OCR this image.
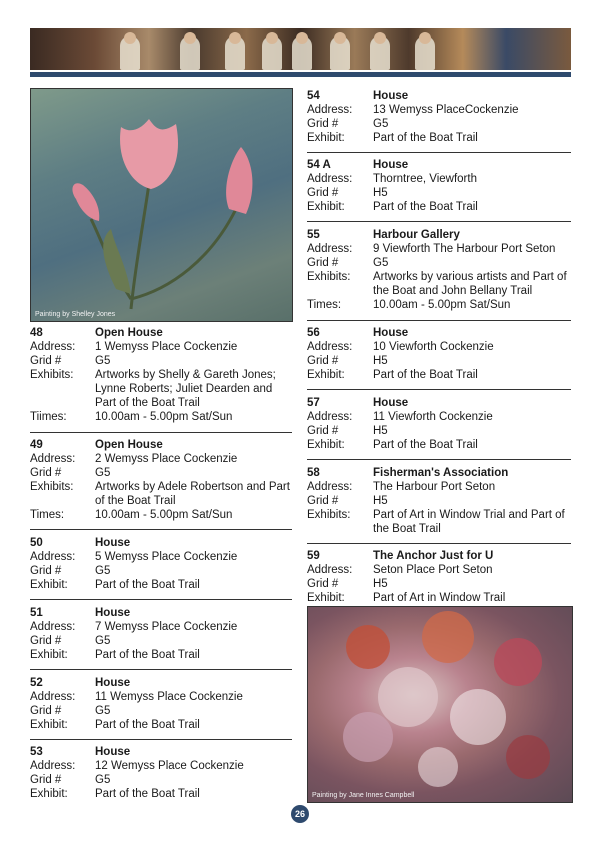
Painting by Shelley Jones
48	Open House
Address:	1 Wemyss Place Cockenzie
Grid #	G5
Exhibits:	Artworks by Shelly & Gareth Jones; Lynne Roberts; Juliet Dearden and Part of the Boat Trail
Tiimes:	10.00am - 5.00pm Sat/Sun
49	Open House
Address:	2 Wemyss Place Cockenzie
Grid #	G5
Exhibits:	Artworks by Adele Robertson and Part of the Boat Trail
Times:	10.00am - 5.00pm Sat/Sun
50	House
Address:	5 Wemyss Place Cockenzie
Grid #	G5
Exhibit:	Part of the Boat Trail
51	House
Address:	7 Wemyss Place Cockenzie
Grid #	G5
Exhibit:	Part of the Boat Trail
52	House
Address:	11 Wemyss Place Cockenzie
Grid #	G5
Exhibit:	Part of the Boat Trail
53	House
Address:	12 Wemyss Place Cockenzie
Grid #	G5
Exhibit:	Part of the Boat Trail
54	House
Address:	13 Wemyss PlaceCockenzie
Grid #	G5
Exhibit:	Part of the Boat Trail
54 A	House
Address:	Thorntree, Viewforth
Grid #	H5
Exhibit:	Part of the Boat Trail
55	Harbour Gallery
Address:	9 Viewforth The Harbour Port Seton
Grid #	G5
Exhibits:	Artworks by various artists and Part of the Boat and John Bellany Trail
Times:	10.00am - 5.00pm Sat/Sun
56	House
Address:	10 Viewforth Cockenzie
Grid #	H5
Exhibit:	Part of the Boat Trail
57	House
Address:	11 Viewforth Cockenzie
Grid #	H5
Exhibit:	Part of the Boat Trail
58	Fisherman's Association
Address:	The Harbour Port Seton
Grid #	H5
Exhibits:	Part of Art in Window Trial and Part of the Boat Trail
59	The Anchor Just for U
Address:	Seton Place Port Seton
Grid #	H5
Exhibit:	Part of Art in Window Trail
Painting by Jane Innes Campbell
26
